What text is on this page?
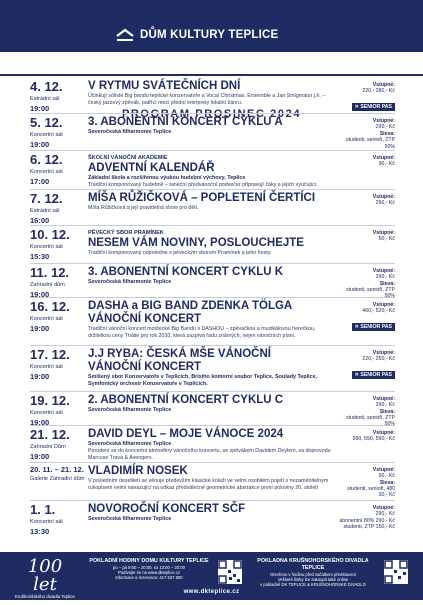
DŮM KULTURY TEPLICE
PROGRAM PROSINEC 2024
4. 12.
Estrádní sál
19:00
V RYTMU SVÁTEČNÍCH DNÍ
Účinkují sólisté Big bandu teplické konzervatoře a Vocal Christmas, Ensemble a Jan Smigmator j.h. – český jazzový zpěvák, patřící mezi přední interprety lokální žánru.
Vstupné:
220,- 280,- Kč
✕ SENIOR PAS
5. 12.
Koncertní sál
19:00
3. ABONENTNÍ KONCERT CYKLU A
Severočeská filharmonie Teplice
Vstupné:
290,- Kč
Sleva:
studenti, senioři, ZTP 50%
6. 12.
Koncertní sál
17:00
ŠKOLNÍ VÁNOČNÍ AKADEMIE
ADVENTNÍ KALENDÁŘ
Základní škola a rozšířenou výukou hudební výchovy, Teplice
Tradiční komponovaný hudebně – taneční předvánoční podvečer připravují žáky a jejich vyučující.
Vstupné:
90,- Kč
7. 12.
Estrádní sál
16:00
MÍŠA RŮŽIČKOVÁ – POPLETENÍ ČERTÍCI
Míša Růžičková a její pravidelná show pro děti.
Vstupné:
290,- Kč
10. 12.
Koncertní sál
15:30
PĚVECKÝ SBOR PRAMÍNEK
NESEM VÁM NOVINY, POSLOUCHEJTE
Tradiční komponovaný odpoledne s pěveckým sborem Pramínek a jeho hosty.
Vstupné:
50,- Kč
11. 12.
Zahradní dům
19:00
3. ABONENTNÍ KONCERT CYKLU K
Severočeská filharmonie Teplice
Vstupné:
290,- Kč
Sleva:
studenti, senioři, ZTP 50%
16. 12.
Koncertní sál
19:00
DASHA a BIG BAND ZDENKA TÖLGA
VÁNOČNÍ KONCERT
Tradiční vánoční koncert mostecké Big Bandu s DASHOU – zpěvačkou a muzikálovou herečkou, držitelkou ceny Thálie pro rok 2010, která zazpívá řadu známých, nejen vánočních písní.
Vstupné:
460,- 520,- Kč
✕ SENIOR PAS
17. 12.
Koncertní sál
19:00
J.J RYBA: ČESKÁ MŠE VÁNOČNÍ
VÁNOČNÍ KONCERT
Smíšený sbor Konzervatoře v Teplicích, Brixiho komorní soubor Teplice, Soulady Teplice, Symfonický orchestr Konzervatoře v Teplicích.
Vstupné:
220,- 250,- Kč
✕ SENIOR PAS
19. 12.
Koncertní sál
19:00
2. ABONENTNÍ KONCERT CYKLU C
Severočeská filharmonie Teplice
Vstupné:
290,- Kč
Sleva:
studenti, senioři, ZTP 50%
21. 12.
Zahradní Dům
19:00
DAVID DEYL – MOJE VÁNOCE 2024
Severočeská filharmonie Teplice
Porodení se do koncertní atmosféry vánočního koncertu, se zpěvákem Davidem Deylem, za doprovodu Marcuse Trava & Avengers.
Vstupné:
990, 590, 590,- Kč
20. 11. – 21. 12.
Galerie Zahradní dům
VLADIMÍR NOSEK
V posledním desetiletí se věnuje především klasické kolaži ve velmi osobitém pojetí s nezaměnitelným rukopisem velmi navazující na odkaz předválečné geometrické abstrakce první poloviny 20. století
Vstupné:
50,- Kč
Sleva:
studenti, senioři, 480 30,- Kč
1. 1.
Koncertní sál
13:30
NOVOROČNÍ KONCERT SČF
Severočeská filharmonie Teplice
Vstupné:
290,- Kč
abonentní 80% 290,- Kč
studenti, ZTP 150,- Kč
100 let
Kruškonšského divadla Teplice (1924 – 2024)
POKLADNÍ HODINY DOMU KULTURY TEPLICE
po – pá 9:00 – 20:00, so 13:00 – 20:00
Podívejte se na www.dkteplice.cz
Informace a rezervace: 417 537 600
POKLADNA KRUŠNOHORSKÉHO DIVADLA TEPLICE
Otevřeno v hodinu před začátkem představení
Veškeré lístky lze zakoupit také online
v pokladně DK TEPLICE & KRUŠNOHORSKÉ DIVADLO
www.dkteplice.cz
